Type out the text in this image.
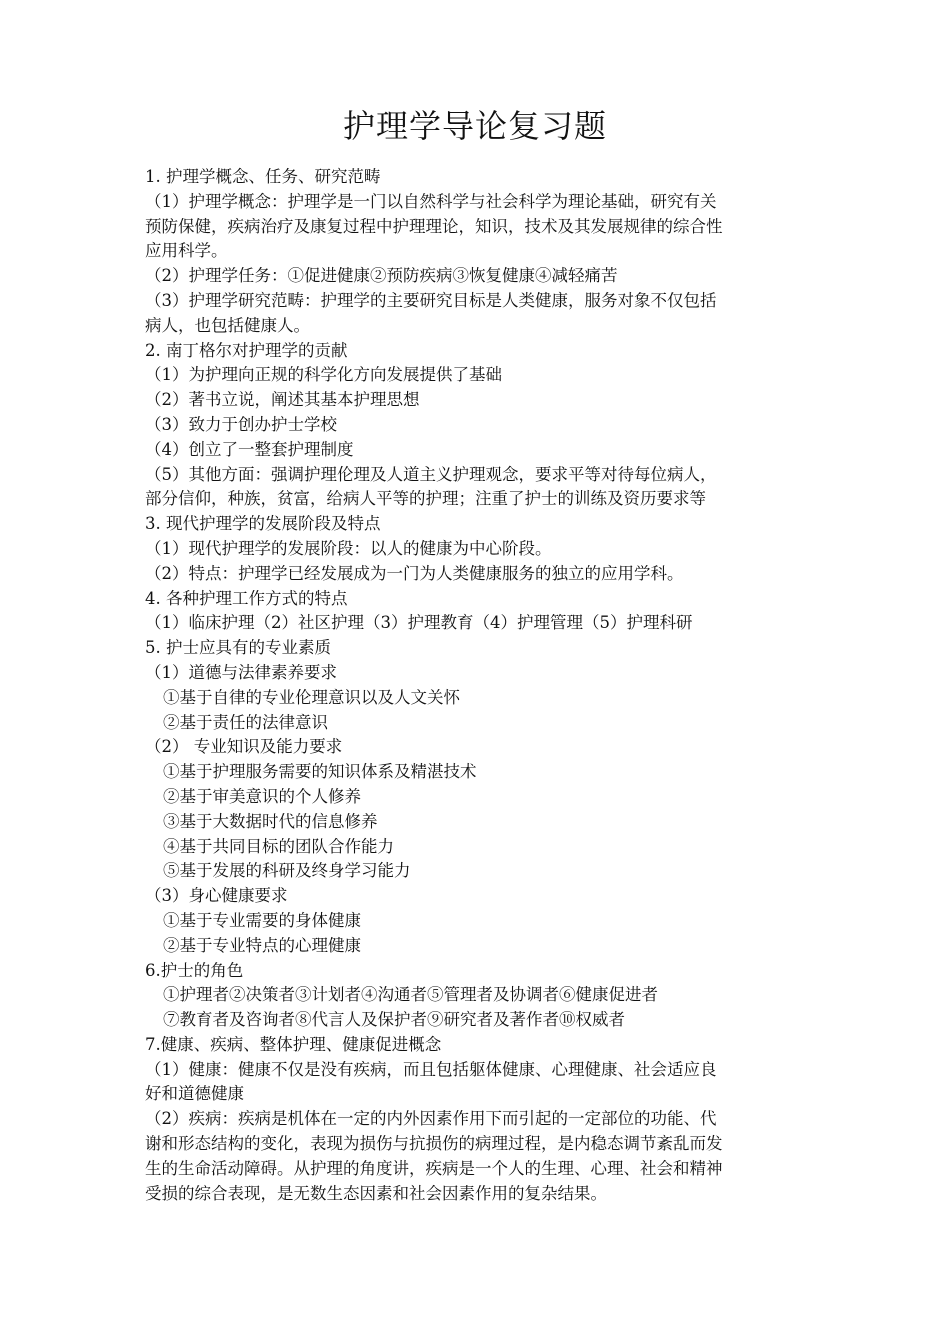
护理学导论复习题
1. 护理学概念、任务、研究范畴
（1）护理学概念：护理学是一门以自然科学与社会科学为理论基础，研究有关
预防保健，疾病治疗及康复过程中护理理论，知识，技术及其发展规律的综合性
应用科学。
（2）护理学任务：①促进健康②预防疾病③恢复健康④减轻痛苦
（3）护理学研究范畴：护理学的主要研究目标是人类健康，服务对象不仅包括
病人，也包括健康人。
2. 南丁格尔对护理学的贡献
（1）为护理向正规的科学化方向发展提供了基础
（2）著书立说，阐述其基本护理思想
（3）致力于创办护士学校
（4）创立了一整套护理制度
（5）其他方面：强调护理伦理及人道主义护理观念，要求平等对待每位病人，
部分信仰，种族，贫富，给病人平等的护理；注重了护士的训练及资历要求等
3. 现代护理学的发展阶段及特点
（1）现代护理学的发展阶段：以人的健康为中心阶段。
（2）特点：护理学已经发展成为一门为人类健康服务的独立的应用学科。
4. 各种护理工作方式的特点
（1）临床护理（2）社区护理（3）护理教育（4）护理管理（5）护理科研
5. 护士应具有的专业素质
（1）道德与法律素养要求
①基于自律的专业伦理意识以及人文关怀
②基于责任的法律意识
（2） 专业知识及能力要求
①基于护理服务需要的知识体系及精湛技术
②基于审美意识的个人修养
③基于大数据时代的信息修养
④基于共同目标的团队合作能力
⑤基于发展的科研及终身学习能力
（3）身心健康要求
①基于专业需要的身体健康
②基于专业特点的心理健康
6.护士的角色
①护理者②决策者③计划者④沟通者⑤管理者及协调者⑥健康促进者
⑦教育者及咨询者⑧代言人及保护者⑨研究者及著作者⑩权威者
7.健康、疾病、整体护理、健康促进概念
（1）健康：健康不仅是没有疾病，而且包括躯体健康、心理健康、社会适应良
好和道德健康
（2）疾病：疾病是机体在一定的内外因素作用下而引起的一定部位的功能、代
谢和形态结构的变化，表现为损伤与抗损伤的病理过程，是内稳态调节紊乱而发
生的生命活动障碍。从护理的角度讲，疾病是一个人的生理、心理、社会和精神
受损的综合表现，是无数生态因素和社会因素作用的复杂结果。
